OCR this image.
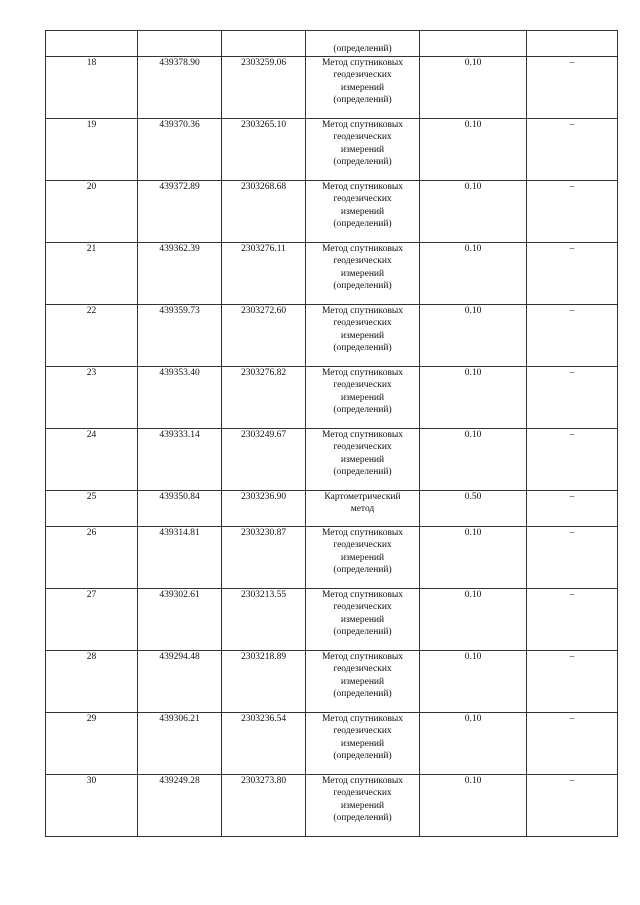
			(определений)		

18	439378.90	2303259.06	Метод спутниковых
геодезических
измерений
(определений)	0.10	–
19	439370.36	2303265.10	Метод спутниковых
геодезических
измерений
(определений)	0.10	–
20	439372.89	2303268.68	Метод спутниковых
геодезических
измерений
(определений)	0.10	–
21	439362.39	2303276.11	Метод спутниковых
геодезических
измерений
(определений)	0.10	–
22	439359.73	2303272.60	Метод спутниковых
геодезических
измерений
(определений)	0.10	–
23	439353.40	2303276.82	Метод спутниковых
геодезических
измерений
(определений)	0.10	–
24	439333.14	2303249.67	Метод спутниковых
геодезических
измерений
(определений)	0.10	–
25	439350.84	2303236.90	Картометрический
метод	0.50	–
26	439314.81	2303230.87	Метод спутниковых
геодезических
измерений
(определений)	0.10	–
27	439302.61	2303213.55	Метод спутниковых
геодезических
измерений
(определений)	0.10	–
28	439294.48	2303218.89	Метод спутниковых
геодезических
измерений
(определений)	0.10	–
29	439306.21	2303236.54	Метод спутниковых
геодезических
измерений
(определений)	0.10	–
30	439249.28	2303273.80	Метод спутниковых
геодезических
измерений
(определений)	0.10	–
